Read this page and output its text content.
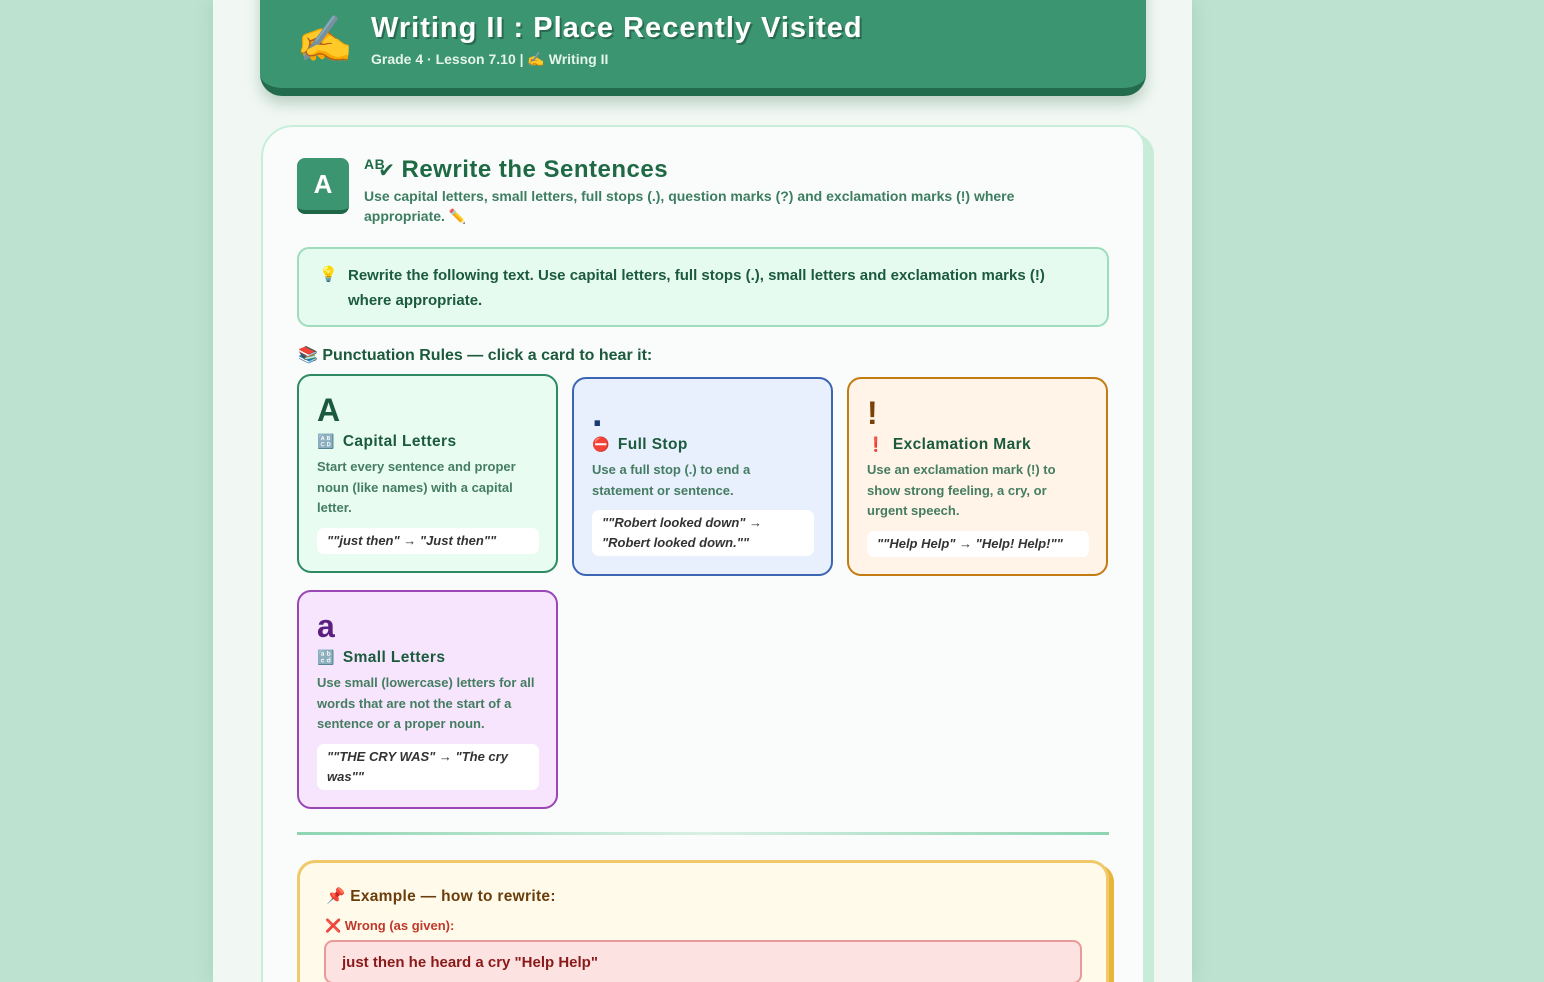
✍️ Writing II : Place Recently Visited
Grade 4 · Lesson 7.10 | ✍️ Writing II
A
$^{AB}$✔ Rewrite the Sentences
Use capital letters, small letters, full stops (.), question marks (?) and exclamation marks (!) where appropriate. ✏️
💡 Rewrite the following text. Use capital letters, full stops (.), small letters and exclamation marks (!) where appropriate.
📚 Punctuation Rules — click a card to hear it:
A
🔠 Capital Letters
Start every sentence and proper noun (like names) with a capital letter.
""just then" → "Just then""
.
⛔ Full Stop
Use a full stop (.) to end a statement or sentence.
""Robert looked down" → "Robert looked down.""
!
❗ Exclamation Mark
Use an exclamation mark (!) to show strong feeling, a cry, or urgent speech.
""Help Help" → "Help! Help!""
a
🔡 Small Letters
Use small (lowercase) letters for all words that are not the start of a sentence or a proper noun.
""THE CRY WAS" → "The cry was""
📌 Example — how to rewrite:
❌ Wrong (as given):
just then he heard a cry "Help Help"
